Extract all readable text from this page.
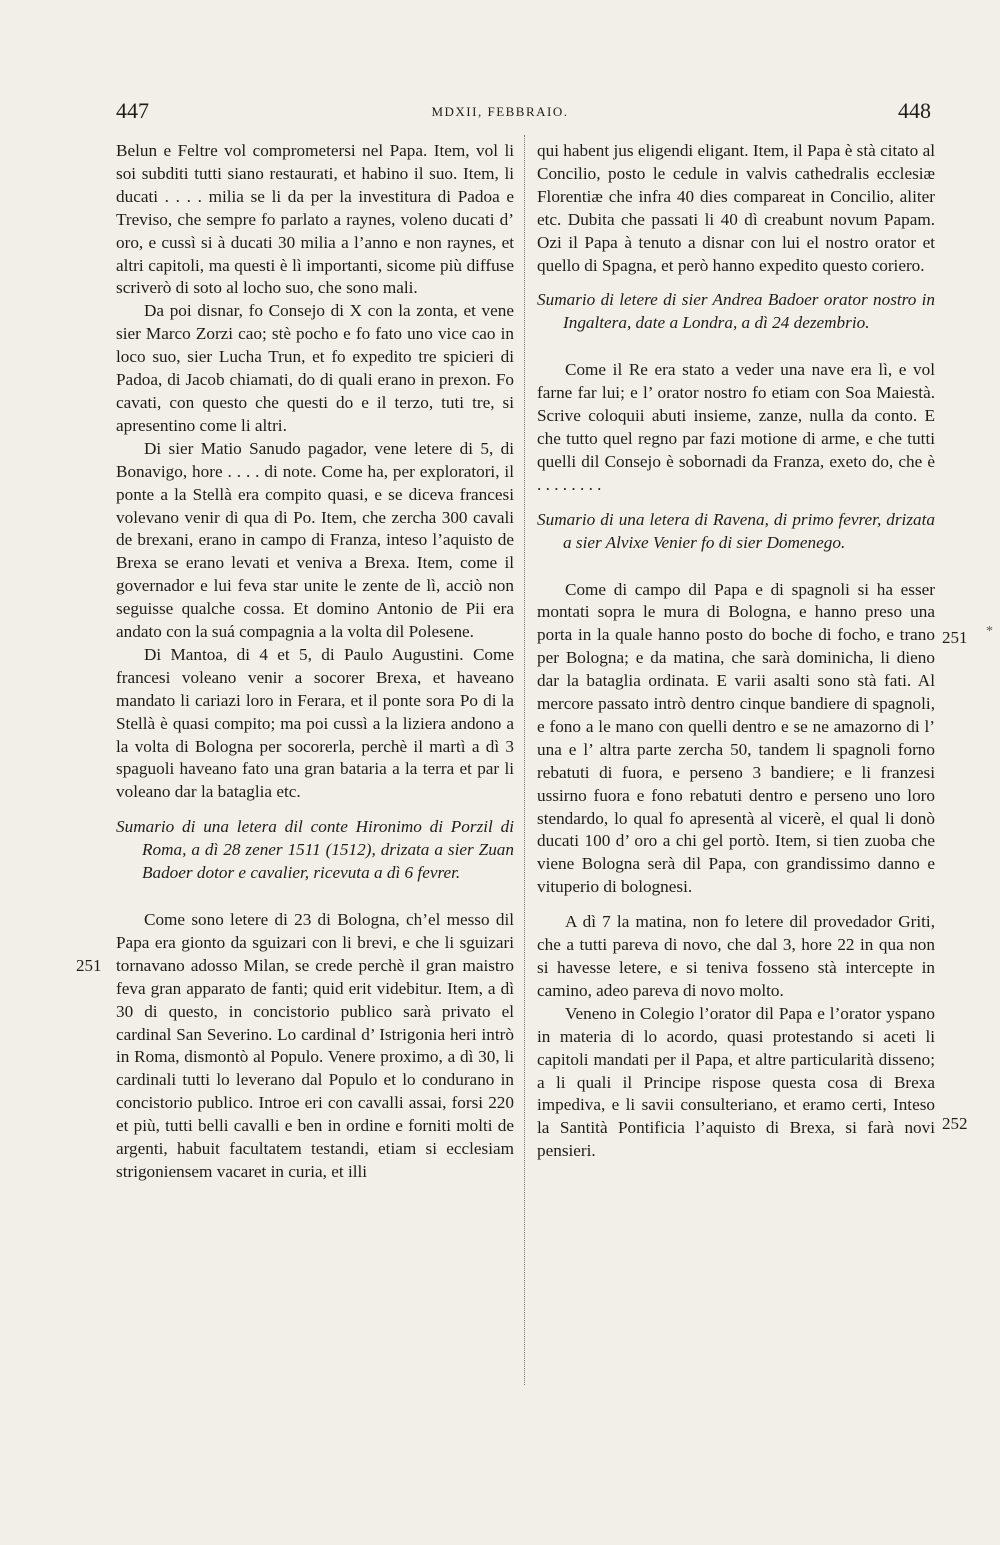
447	MDXII, FEBBRAIO.	448

Belun e Feltre vol comprometersi nel Papa. Item, vol li soi subditi tutti siano restaurati, et habino il suo. Item, li ducati . . . . milia se li da per la investitura di Padoa e Treviso, che sempre fo parlato a raynes, voleno ducati d’ oro, e cussì si à ducati 30 milia a l’anno e non raynes, et altri capitoli, ma questi è lì importanti, sicome più diffuse scriverò di soto al locho suo, che sono mali.

Da poi disnar, fo Consejo di X con la zonta, et vene sier Marco Zorzi cao; stè pocho e fo fato uno vice cao in loco suo, sier Lucha Trun, et fo expedito tre spicieri di Padoa, di Jacob chiamati, do di quali erano in prexon. Fo cavati, con questo che questi do e il terzo, tuti tre, si apresentino come li altri.

Di sier Matio Sanudo pagador, vene letere di 5, di Bonavigo, hore . . . . di note. Come ha, per exploratori, il ponte a la Stellà era compito quasi, e se diceva francesi volevano venir di qua di Po. Item, che zercha 300 cavali de brexani, erano in campo di Franza, inteso l’aquisto de Brexa se erano levati et veniva a Brexa. Item, come il governador e lui feva star unite le zente de lì, acciò non seguisse qualche cossa. Et domino Antonio de Pii era andato con la suá compagnia a la volta dil Polesene.

Di Mantoa, di 4 et 5, di Paulo Augustini. Come francesi voleano venir a socorer Brexa, et haveano mandato li cariazi loro in Ferara, et il ponte sora Po di la Stellà è quasi compito; ma poi cussì a la liziera andono a la volta di Bologna per socorerla, perchè il martì a dì 3 spaguoli haveano fato una gran bataria a la terra et par li voleano dar la bataglia etc.

Sumario di una letera dil conte Hironimo di Porzil di Roma, a dì 28 zener 1511 (1512), drizata a sier Zuan Badoer dotor e cavalier, ricevuta a dì 6 fevrer.

Come sono letere di 23 di Bologna, ch’el messo dil Papa era gionto da sguizari con li brevi, e che li sguizari tornavano adosso Milan, se crede perchè il gran maistro feva gran apparato de fanti; quid erit videbitur. Item, a dì 30 di questo, in concistorio publico sarà privato el cardinal San Severino. Lo cardinal d’ Istrigonia heri intrò in Roma, dismontò al Populo. Venere proximo, a dì 30, li cardinali tutti lo leverano dal Populo et lo condurano in concistorio publico. Introe eri con cavalli assai, forsi 220 et più, tutti belli cavalli e ben in ordine e forniti molti de argenti, habuit facultatem testandi, etiam si ecclesiam strigoniensem vacaret in curia, et illi

qui habent jus eligendi eligant. Item, il Papa è stà citato al Concilio, posto le cedule in valvis cathedralis ecclesiæ Florentiæ che infra 40 dies compareat in Concilio, aliter etc. Dubita che passati li 40 dì creabunt novum Papam. Ozi il Papa à tenuto a disnar con lui el nostro orator et quello di Spagna, et però hanno expedito questo coriero.

Sumario di letere di sier Andrea Badoer orator nostro in Ingaltera, date a Londra, a dì 24 dezembrio.

Come il Re era stato a veder una nave era lì, e vol farne far lui; e l’ orator nostro fo etiam con Soa Maiestà. Scrive coloquii abuti insieme, zanze, nulla da conto. E che tutto quel regno par fazi motione di arme, e che tutti quelli dil Consejo è sobornadi da Franza, exeto do, che è . . . . . . . .

Sumario di una letera di Ravena, di primo fevrer, drizata a sier Alvixe Venier fo di sier Domenego.

Come di campo dil Papa e di spagnoli si ha esser montati sopra le mura di Bologna, e hanno preso una porta in la quale hanno posto do boche di focho, e trano per Bologna; e da matina, che sarà dominicha, li dieno dar la bataglia ordinata. E varii asalti sono stà fati. Al mercore passato intrò dentro cinque bandiere di spagnoli, e fono a le mano con quelli dentro e se ne amazorno di l’ una e l’ altra parte zercha 50, tandem li spagnoli forno rebatuti di fuora, e perseno 3 bandiere; e li franzesi ussirno fuora e fono rebatuti dentro e perseno uno loro stendardo, lo qual fo apresentà al vicerè, el qual li donò ducati 100 d’ oro a chi gel portò. Item, si tien zuoba che viene Bologna serà dil Papa, con grandissimo danno e vituperio di bolognesi.

A dì 7 la matina, non fo letere dil provedador Griti, che a tutti pareva di novo, che dal 3, hore 22 in qua non si havesse letere, e si teniva fosseno stà intercepte in camino, adeo pareva di novo molto.

Veneno in Colegio l’orator dil Papa e l’orator yspano in materia di lo acordo, quasi protestando si aceti li capitoli mandati per il Papa, et altre particularità disseno; a li quali il Principe rispose questa cosa di Brexa impediva, e li savii consulteriano, et eramo certi, Inteso la Santità Pontificia l’aquisto di Brexa, si farà novi pensieri.

251
251 *
252
